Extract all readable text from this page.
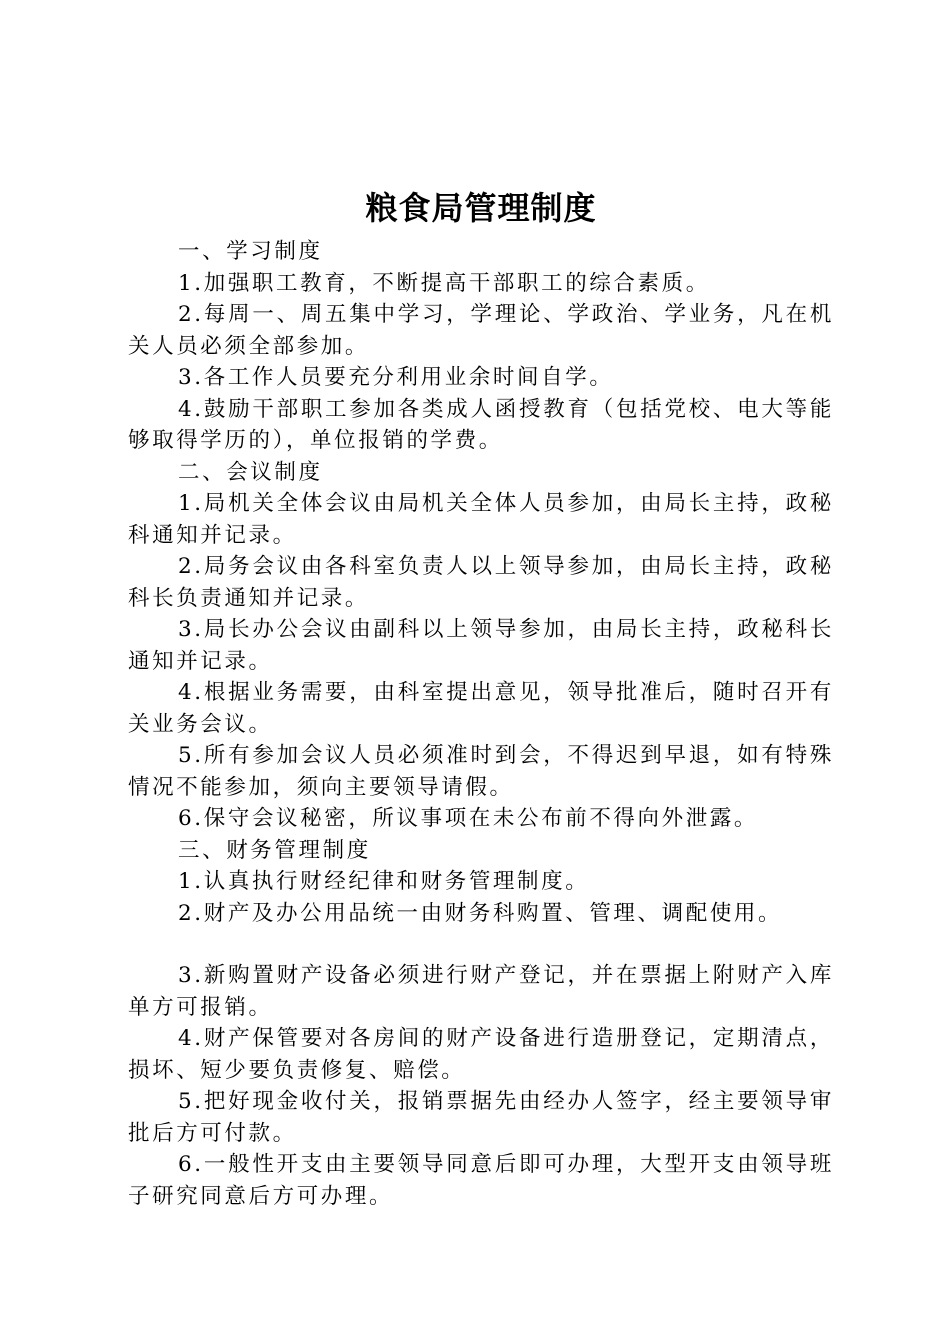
粮食局管理制度

一、学习制度

1.加强职工教育，不断提高干部职工的综合素质。

2.每周一、周五集中学习，学理论、学政治、学业务，凡在机关人员必须全部参加。

3.各工作人员要充分利用业余时间自学。

4.鼓励干部职工参加各类成人函授教育（包括党校、电大等能够取得学历的），单位报销的学费。

二、会议制度

1.局机关全体会议由局机关全体人员参加，由局长主持，政秘科通知并记录。

2.局务会议由各科室负责人以上领导参加，由局长主持，政秘科长负责通知并记录。

3.局长办公会议由副科以上领导参加，由局长主持，政秘科长通知并记录。

4.根据业务需要，由科室提出意见，领导批准后，随时召开有关业务会议。

5.所有参加会议人员必须准时到会，不得迟到早退，如有特殊情况不能参加，须向主要领导请假。

6.保守会议秘密，所议事项在未公布前不得向外泄露。

三、财务管理制度

1.认真执行财经纪律和财务管理制度。

2.财产及办公用品统一由财务科购置、管理、调配使用。

3.新购置财产设备必须进行财产登记，并在票据上附财产入库单方可报销。

4.财产保管要对各房间的财产设备进行造册登记，定期清点，损坏、短少要负责修复、赔偿。

5.把好现金收付关，报销票据先由经办人签字，经主要领导审批后方可付款。

6.一般性开支由主要领导同意后即可办理，大型开支由领导班子研究同意后方可办理。
